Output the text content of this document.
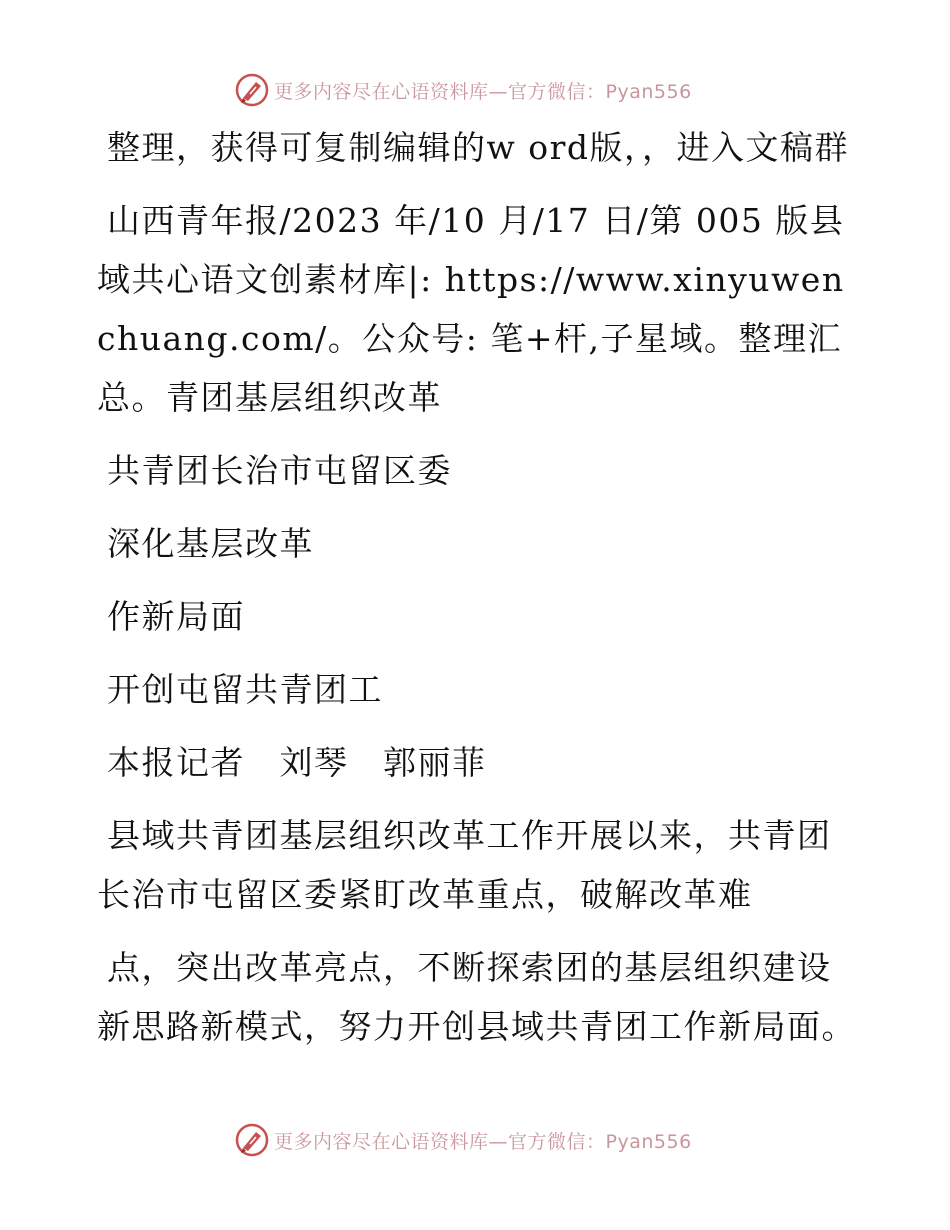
更多内容尽在心语资料库—官方微信：Pyan556

整理，获得可复制编辑的w ord版，，进入文稿群

山西青年报/2023 年/10 月/17 日/第 005 版县域共心语文创素材库|: https://www.xinyuwenchuang.com/。公众号: 笔+杆,子星域。整理汇总。青团基层组织改革

共青团长治市屯留区委

深化基层改革

作新局面

开创屯留共青团工

本报记者　刘琴　郭丽菲

县域共青团基层组织改革工作开展以来，共青团长治市屯留区委紧盯改革重点，破解改革难

点，突出改革亮点，不断探索团的基层组织建设新思路新模式，努力开创县域共青团工作新局面。

更多内容尽在心语资料库—官方微信：Pyan556
